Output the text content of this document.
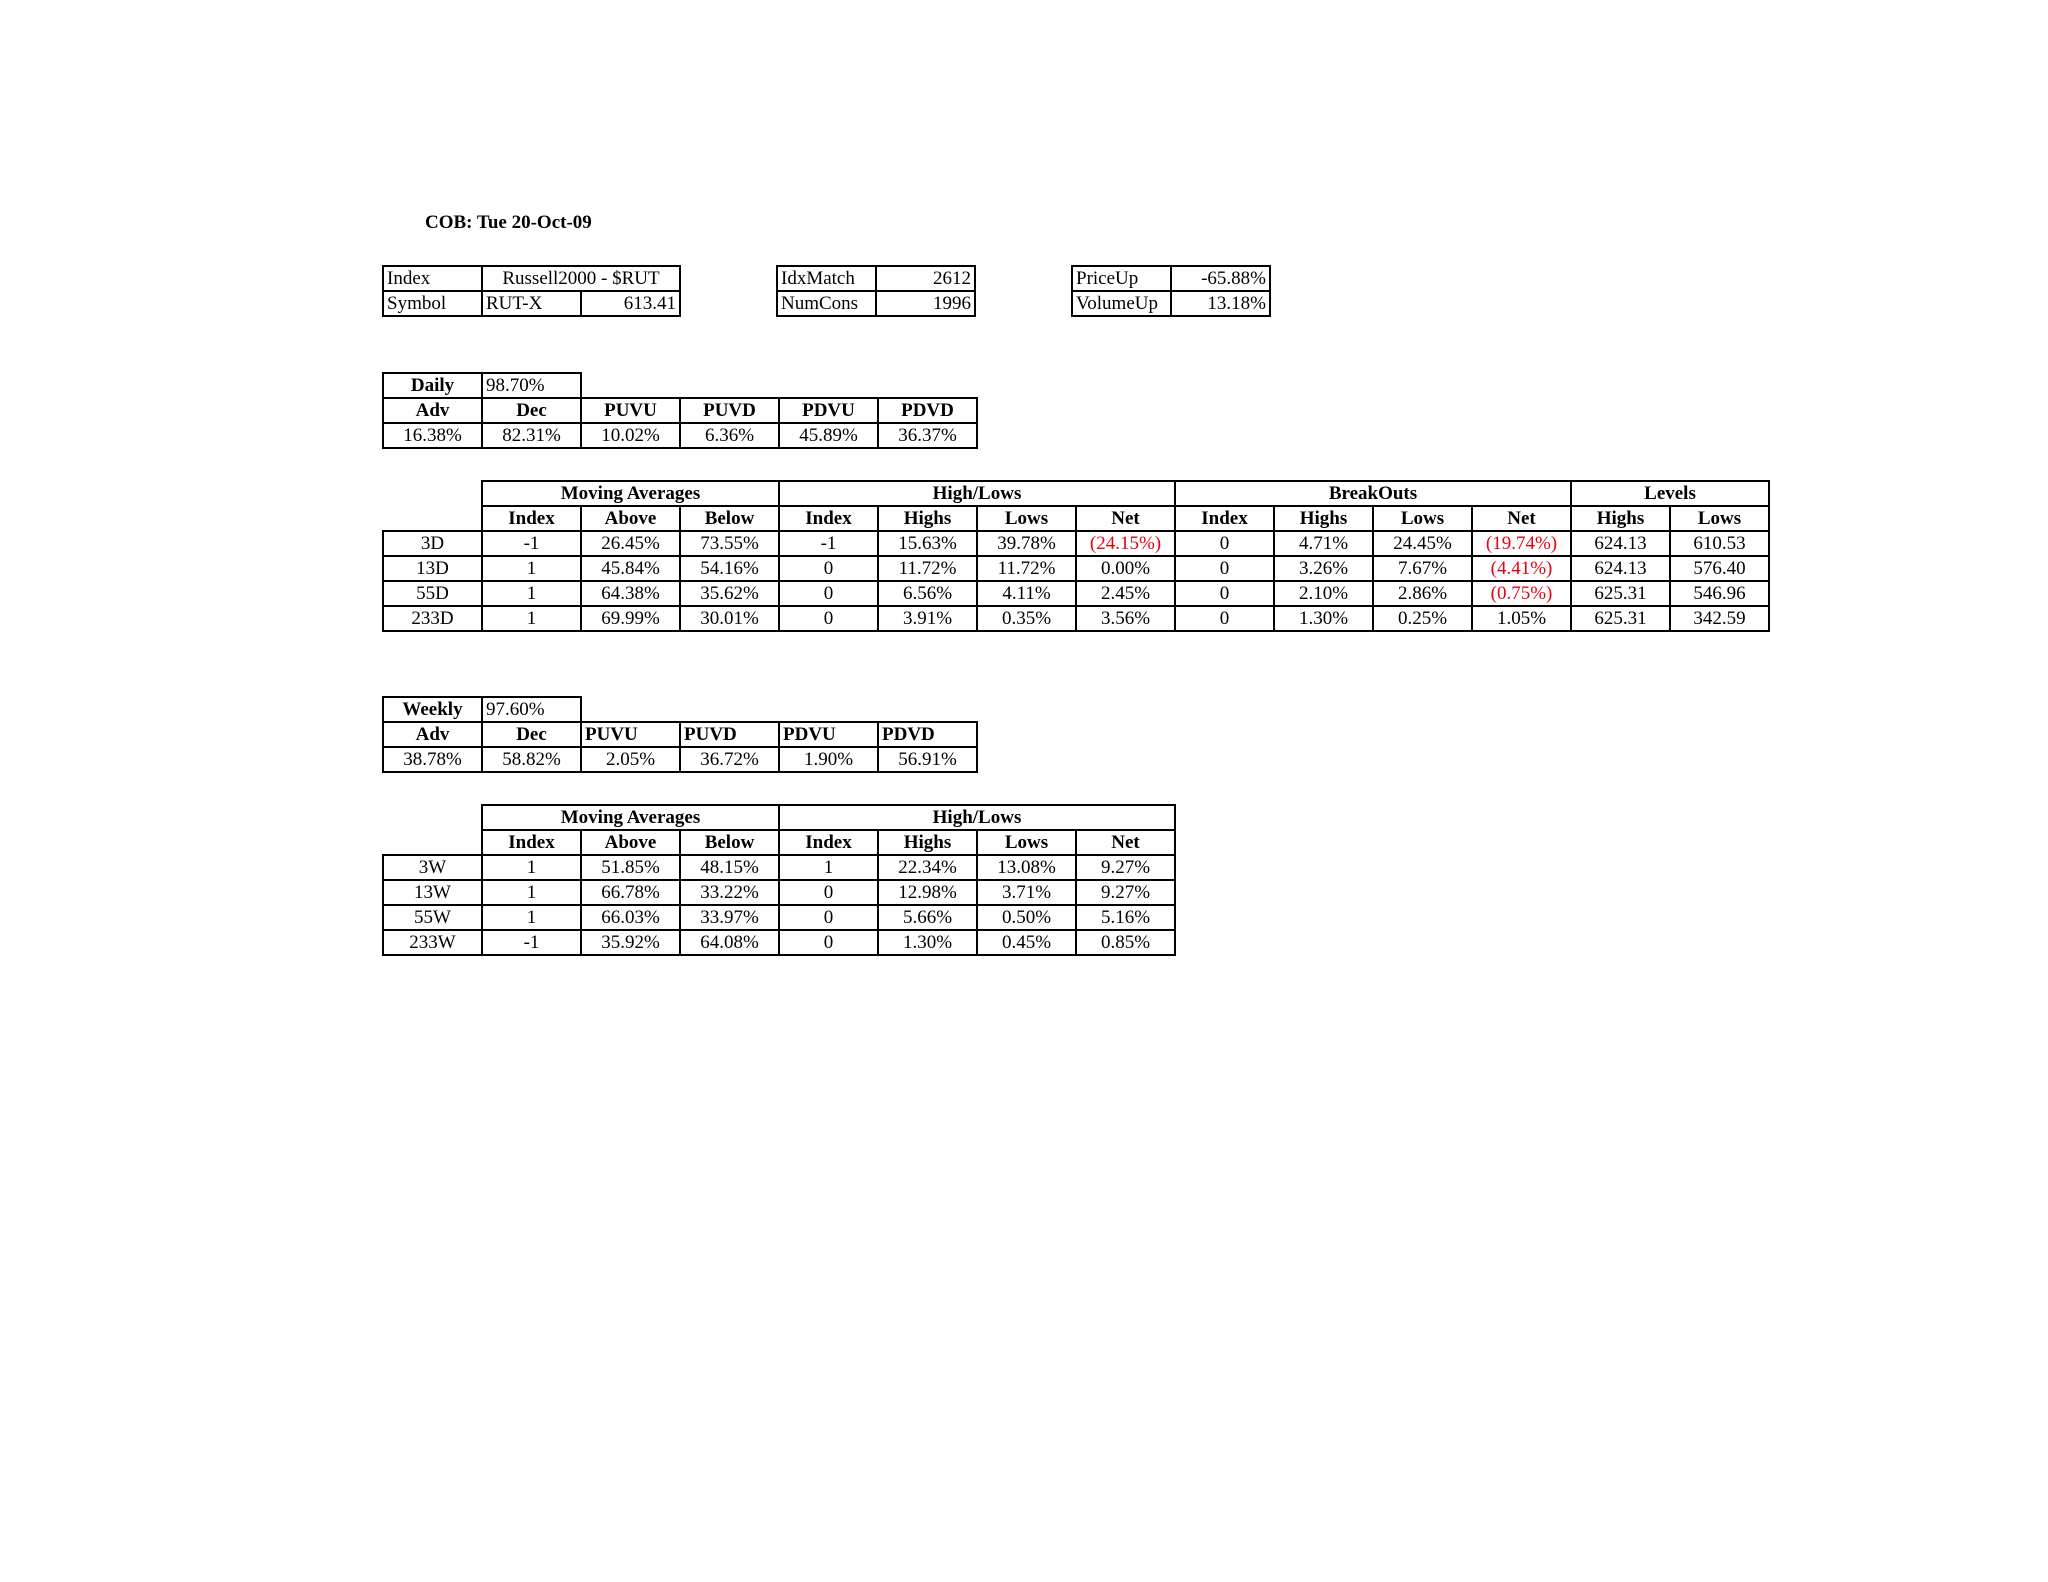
COB: Tue 20-Oct-09
Index	Russell2000 - $RUT	
Symbol	RUT-X	613.41
IdxMatch	2612
NumCons	1996
PriceUp	-65.88%
VolumeUp	13.18%
Daily	98.70%				
Adv	Dec	PUVU	PUVD	PDVU	PDVD
16.38%	82.31%	10.02%	6.36%	45.89%	36.37%
	Moving Averages			High/Lows				BreakOuts				Levels	
	Index	Above	Below	Index	Highs	Lows	Net	Index	Highs	Lows	Net	Highs	Lows
3D	-1	26.45%	73.55%	-1	15.63%	39.78%	(24.15%)	0	4.71%	24.45%	(19.74%)	624.13	610.53
13D	1	45.84%	54.16%	0	11.72%	11.72%	0.00%	0	3.26%	7.67%	(4.41%)	624.13	576.40
55D	1	64.38%	35.62%	0	6.56%	4.11%	2.45%	0	2.10%	2.86%	(0.75%)	625.31	546.96
233D	1	69.99%	30.01%	0	3.91%	0.35%	3.56%	0	1.30%	0.25%	1.05%	625.31	342.59
Weekly	97.60%				
Adv	Dec	PUVU	PUVD	PDVU	PDVD
38.78%	58.82%	2.05%	36.72%	1.90%	56.91%
	Moving Averages			High/Lows			
	Index	Above	Below	Index	Highs	Lows	Net
3W	1	51.85%	48.15%	1	22.34%	13.08%	9.27%
13W	1	66.78%	33.22%	0	12.98%	3.71%	9.27%
55W	1	66.03%	33.97%	0	5.66%	0.50%	5.16%
233W	-1	35.92%	64.08%	0	1.30%	0.45%	0.85%
